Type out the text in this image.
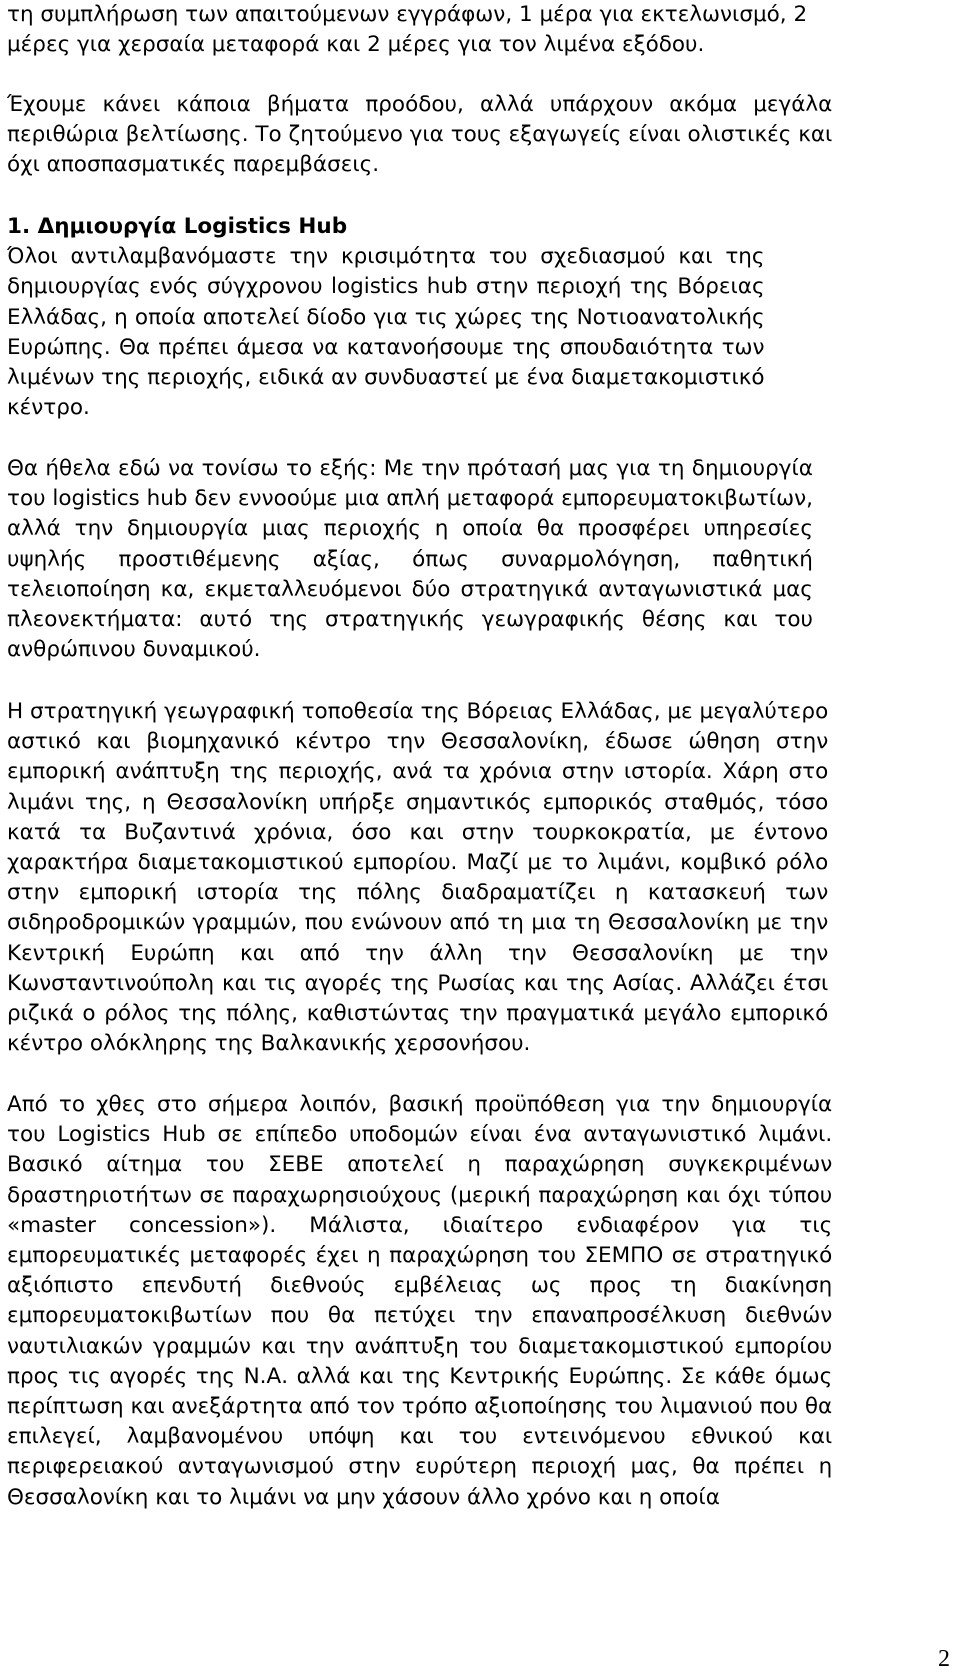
τη συμπλήρωση των απαιτούμενων εγγράφων, 1 μέρα για εκτελωνισμό, 2
μέρες για χερσαία μεταφορά και 2 μέρες για τον λιμένα εξόδου.
Έχουμε κάνει κάποια βήματα προόδου, αλλά υπάρχουν ακόμα μεγάλα
περιθώρια βελτίωσης. Το ζητούμενο για τους εξαγωγείς είναι ολιστικές και
όχι αποσπασματικές παρεμβάσεις.
1. Δημιουργία Logistics Hub
Όλοι αντιλαμβανόμαστε την κρισιμότητα του σχεδιασμού και της
δημιουργίας ενός σύγχρονου logistics hub στην περιοχή της Βόρειας
Ελλάδας, η οποία αποτελεί δίοδο για τις χώρες της Νοτιοανατολικής
Ευρώπης. Θα πρέπει άμεσα να κατανοήσουμε της σπουδαιότητα των
λιμένων της περιοχής, ειδικά αν συνδυαστεί με ένα διαμετακομιστικό
κέντρο.
Θα ήθελα εδώ να τονίσω το εξής: Με την πρότασή μας για τη δημιουργία
του logistics hub δεν εννοούμε μια απλή μεταφορά εμπορευματοκιβωτίων,
αλλά την δημιουργία μιας περιοχής η οποία θα προσφέρει υπηρεσίες
υψηλής προστιθέμενης αξίας, όπως συναρμολόγηση, παθητική
τελειοποίηση κα, εκμεταλλευόμενοι δύο στρατηγικά ανταγωνιστικά μας
πλεονεκτήματα: αυτό της στρατηγικής γεωγραφικής θέσης και του
ανθρώπινου δυναμικού.
Η στρατηγική γεωγραφική τοποθεσία της Βόρειας Ελλάδας, με μεγαλύτερο
αστικό και βιομηχανικό κέντρο την Θεσσαλονίκη, έδωσε ώθηση στην
εμπορική ανάπτυξη της περιοχής, ανά τα χρόνια στην ιστορία. Χάρη στο
λιμάνι της, η Θεσσαλονίκη υπήρξε σημαντικός εμπορικός σταθμός, τόσο
κατά τα Βυζαντινά χρόνια, όσο και στην τουρκοκρατία, με έντονο
χαρακτήρα διαμετακομιστικού εμπορίου. Μαζί με το λιμάνι, κομβικό ρόλο
στην εμπορική ιστορία της πόλης διαδραματίζει η κατασκευή των
σιδηροδρομικών γραμμών, που ενώνουν από τη μια τη Θεσσαλονίκη με την
Κεντρική Ευρώπη και από την άλλη την Θεσσαλονίκη με την
Κωνσταντινούπολη και τις αγορές της Ρωσίας και της Ασίας. Αλλάζει έτσι
ριζικά ο ρόλος της πόλης, καθιστώντας την πραγματικά μεγάλο εμπορικό
κέντρο ολόκληρης της Βαλκανικής χερσονήσου.
Από το χθες στο σήμερα λοιπόν, βασική προϋπόθεση για την δημιουργία
του Logistics Hub σε επίπεδο υποδομών είναι ένα ανταγωνιστικό λιμάνι.
Βασικό αίτημα του ΣΕΒΕ αποτελεί η παραχώρηση συγκεκριμένων
δραστηριοτήτων σε παραχωρησιούχους (μερική παραχώρηση και όχι τύπου
«master concession»). Μάλιστα, ιδιαίτερο ενδιαφέρον για τις
εμπορευματικές μεταφορές έχει η παραχώρηση του ΣΕΜΠΟ σε στρατηγικό
αξιόπιστο επενδυτή διεθνούς εμβέλειας ως προς τη διακίνηση
εμπορευματοκιβωτίων που θα πετύχει την επαναπροσέλκυση διεθνών
ναυτιλιακών γραμμών και την ανάπτυξη του διαμετακομιστικού εμπορίου
προς τις αγορές της Ν.Α. αλλά και της Κεντρικής Ευρώπης. Σε κάθε όμως
περίπτωση και ανεξάρτητα από τον τρόπο αξιοποίησης του λιμανιού που θα
επιλεγεί, λαμβανομένου υπόψη και του εντεινόμενου εθνικού και
περιφερειακού ανταγωνισμού στην ευρύτερη περιοχή μας, θα πρέπει η
Θεσσαλονίκη και το λιμάνι να μην χάσουν άλλο χρόνο και η οποία
2
